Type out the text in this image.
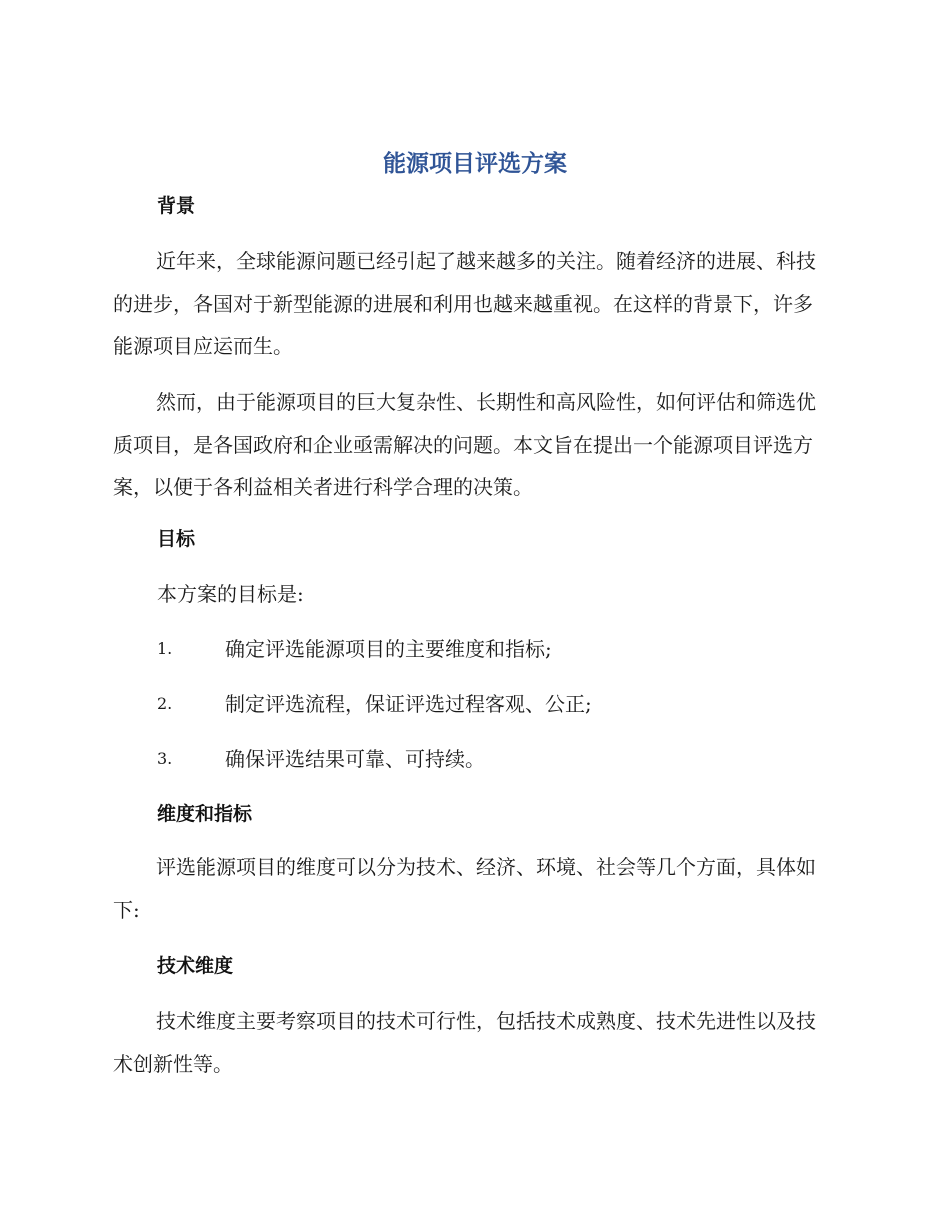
能源项目评选方案
背景

近年来，全球能源问题已经引起了越来越多的关注。随着经济的进展、科技的进步，各国对于新型能源的进展和利用也越来越重视。在这样的背景下，许多能源项目应运而生。

然而，由于能源项目的巨大复杂性、长期性和高风险性，如何评估和筛选优质项目，是各国政府和企业亟需解决的问题。本文旨在提出一个能源项目评选方案，以便于各利益相关者进行科学合理的决策。

目标

本方案的目标是:

1.	确定评选能源项目的主要维度和指标;
2.	制定评选流程，保证评选过程客观、公正;
3.	确保评选结果可靠、可持续。
维度和指标

评选能源项目的维度可以分为技术、经济、环境、社会等几个方面，具体如下:

技术维度

技术维度主要考察项目的技术可行性，包括技术成熟度、技术先进性以及技术创新性等。
